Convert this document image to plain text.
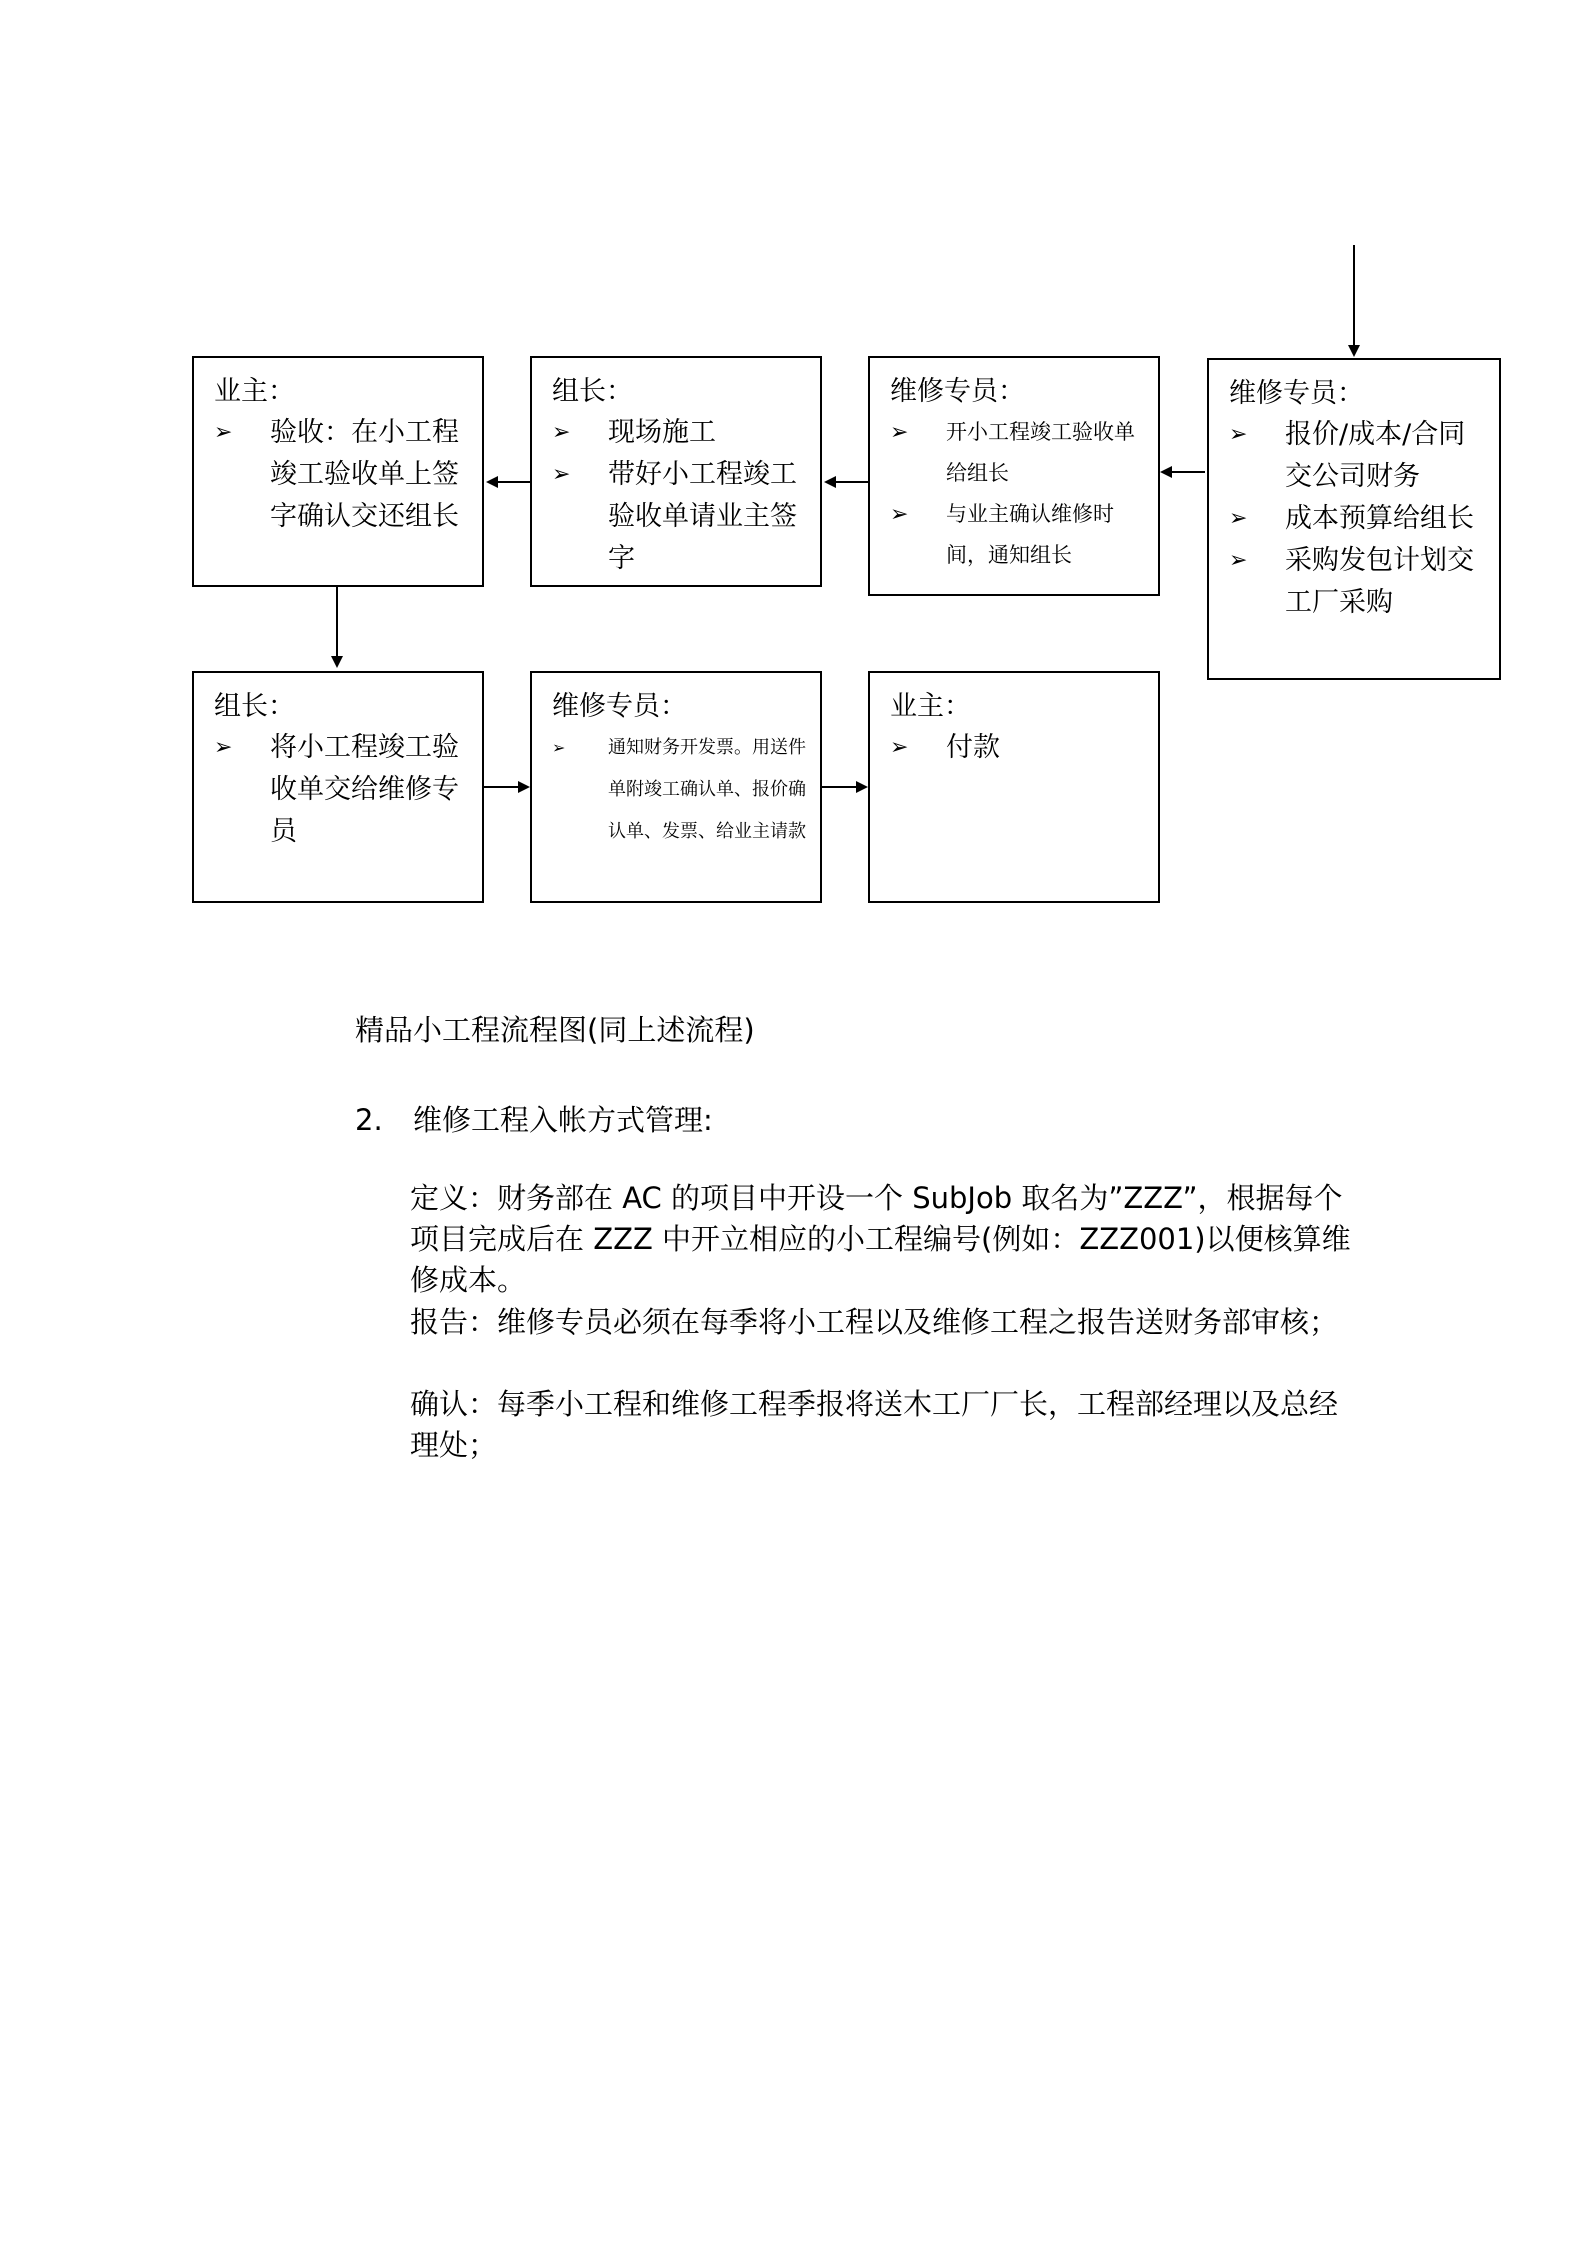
业主：

➢ 验收：在小工程竣工验收单上签字确认交还组长

组长：

➢ 现场施工
➢ 带好小工程竣工验收单请业主签字

维修专员：

➢ 开小工程竣工验收单给组长
➢ 与业主确认维修时间，通知组长

维修专员：

➢ 报价/成本/合同交公司财务
➢ 成本预算给组长
➢ 采购发包计划交工厂采购

组长：

➢ 将小工程竣工验收单交给维修专员

维修专员：

➢ 通知财务开发票。用送件单附竣工确认单、报价确认单、发票、给业主请款

业主：

➢ 付款
精品小工程流程图(同上述流程)
2. 维修工程入帐方式管理:
定义：财务部在 AC 的项目中开设一个 SubJob 取名为”ZZZ”，根据每个项目完成后在 ZZZ 中开立相应的小工程编号(例如：ZZZ001)以便核算维修成本。
报告：维修专员必须在每季将小工程以及维修工程之报告送财务部审核；
确认：每季小工程和维修工程季报将送木工厂厂长，工程部经理以及总经理处；
